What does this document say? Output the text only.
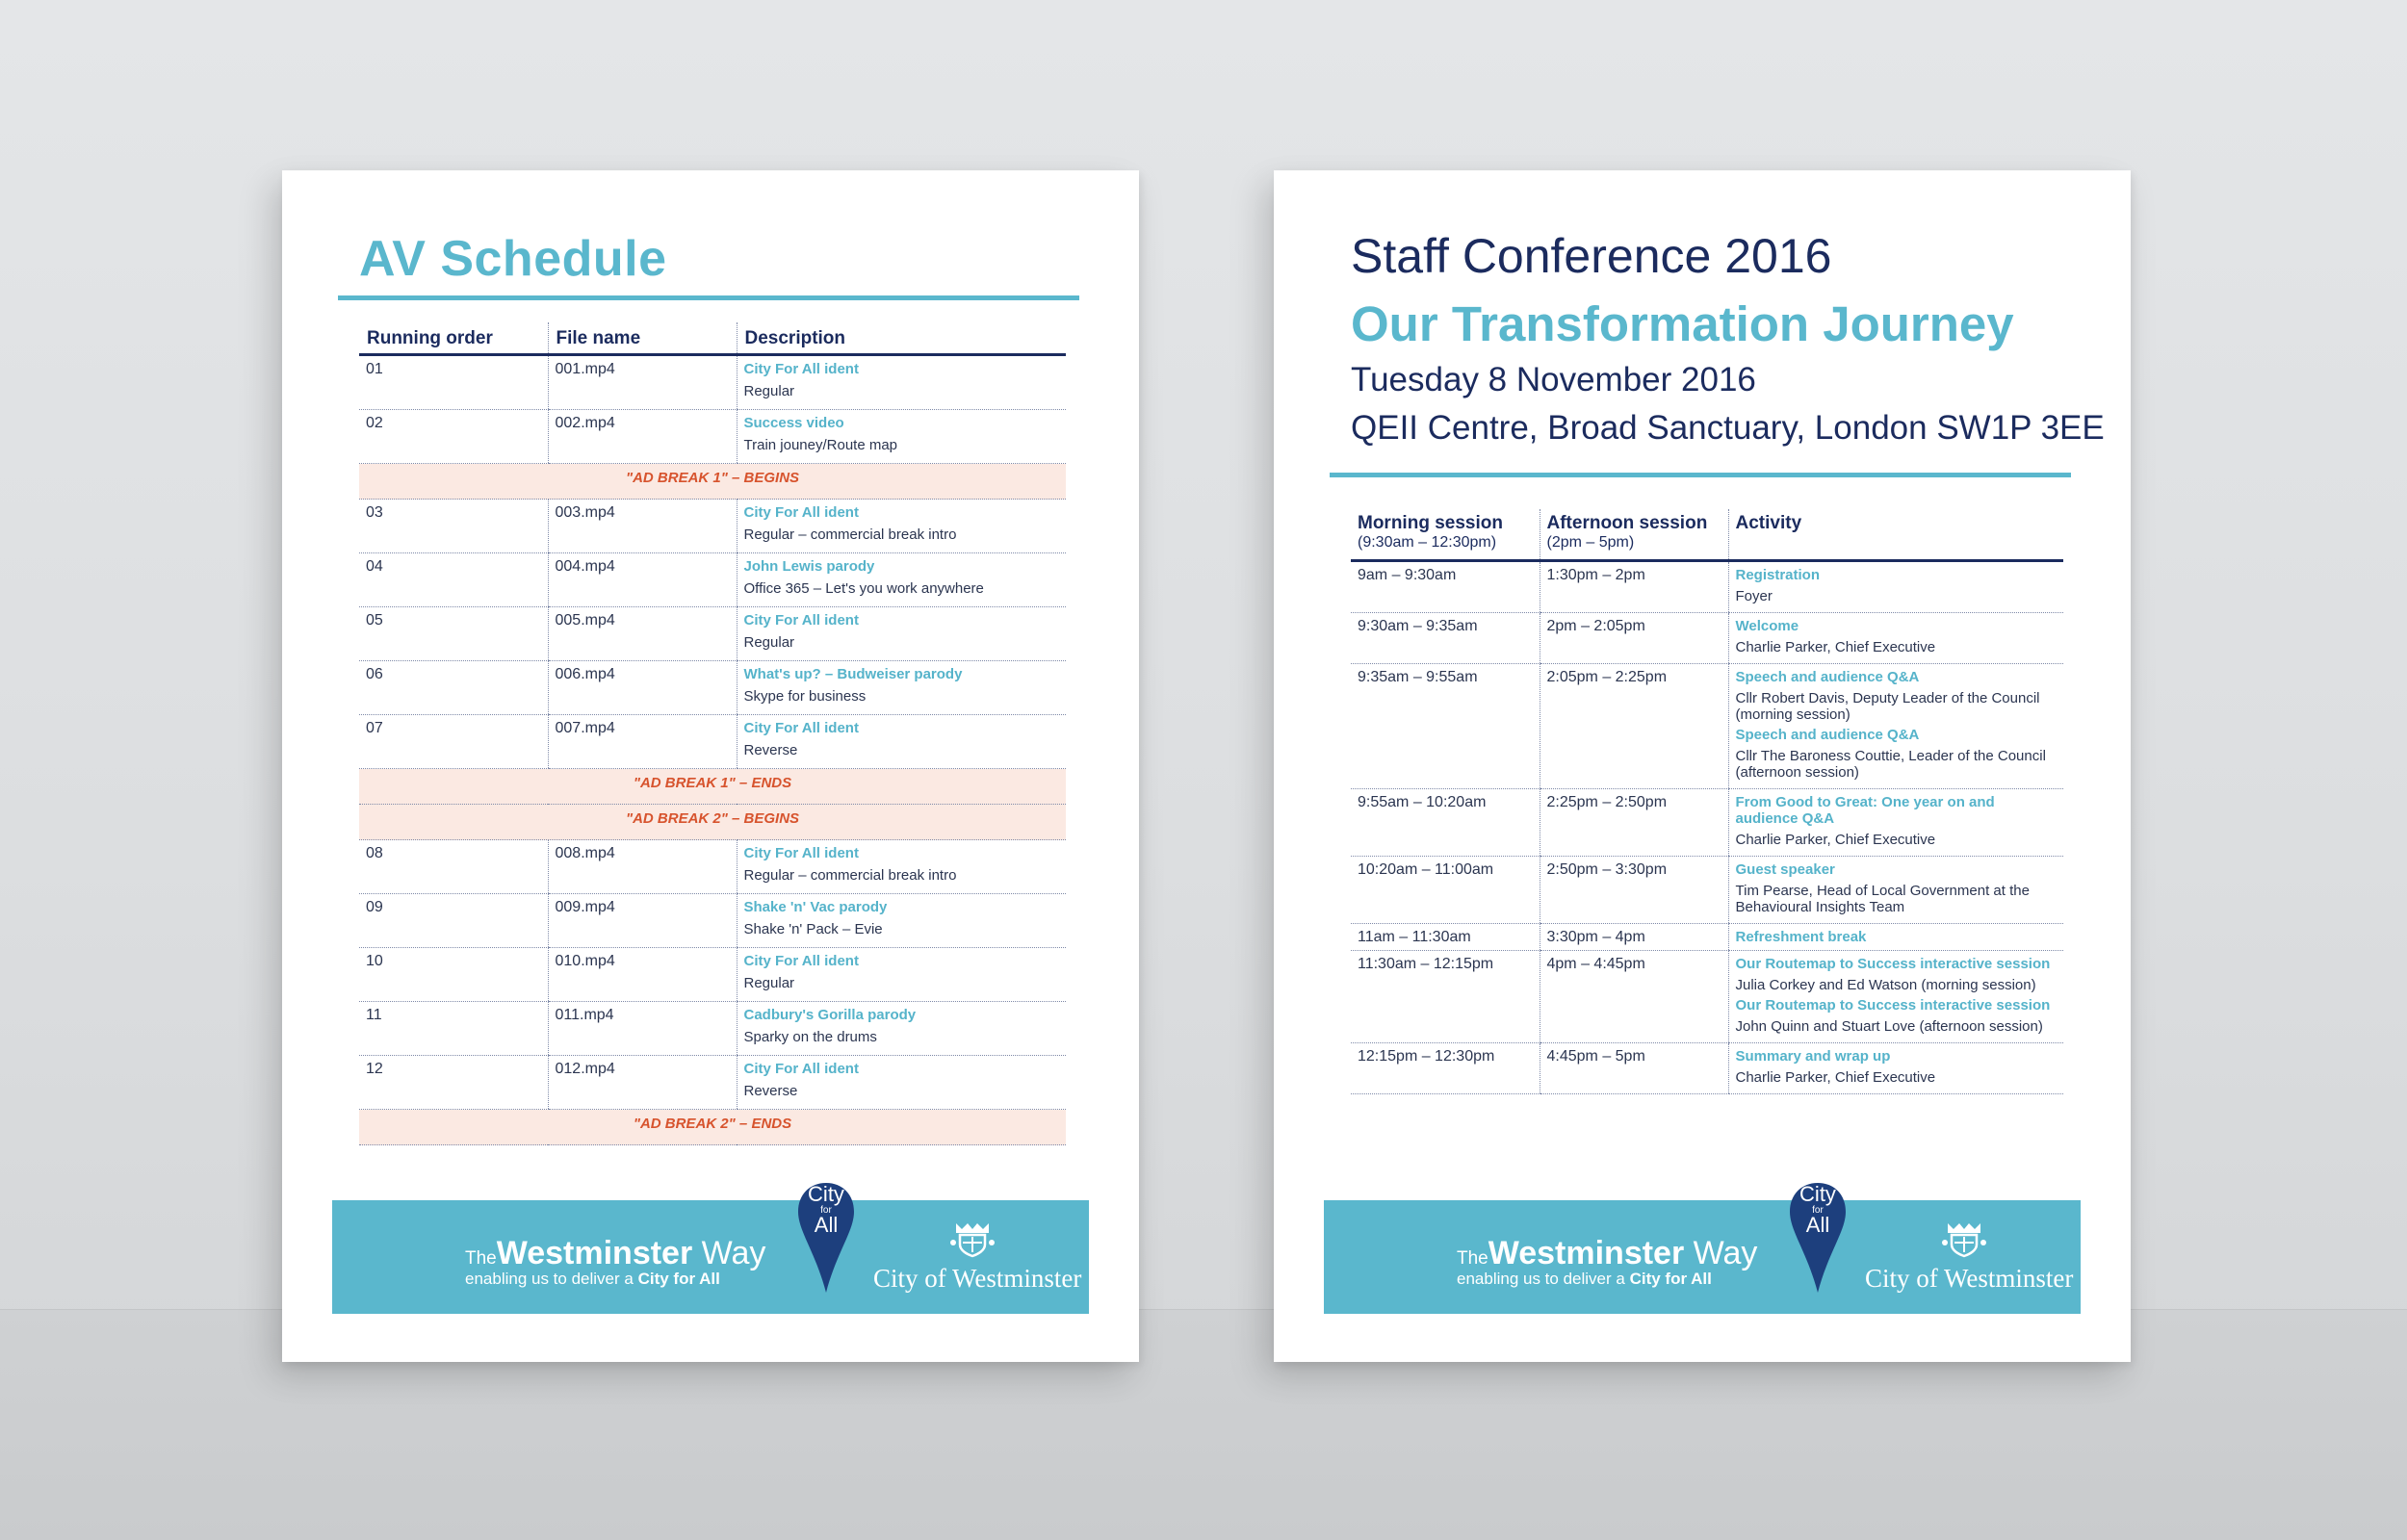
AV Schedule
Running order	File name	Description
01	001.mp4	City For All ident
Regular

02	002.mp4	Success video
Train jouney/Route map

"AD BREAK 1" – BEGINS		
03	003.mp4	City For All ident
Regular – commercial break intro

04	004.mp4	John Lewis parody
Office 365 – Let's you work anywhere

05	005.mp4	City For All ident
Regular

06	006.mp4	What's up? – Budweiser parody
Skype for business

07	007.mp4	City For All ident
Reverse

"AD BREAK 1" – ENDS		
"AD BREAK 2" – BEGINS		
08	008.mp4	City For All ident
Regular – commercial break intro

09	009.mp4	Shake 'n' Vac parody
Shake 'n' Pack – Evie

10	010.mp4	City For All ident
Regular

11	011.mp4	Cadbury's Gorilla parody
Sparky on the drums

12	012.mp4	City For All ident
Reverse

"AD BREAK 2" – ENDS		
TheWestminster Way
enabling us to deliver a City for All
City
for
All
City of Westminster
Staff Conference 2016
Our Transformation Journey
Tuesday 8 November 2016
QEII Centre, Broad Sanctuary, London SW1P 3EE
Morning session
(9:30am – 12:30pm)	Afternoon session
(2pm – 5pm)	Activity
9am – 9:30am	1:30pm – 2pm	Registration
Foyer

9:30am – 9:35am	2pm – 2:05pm	Welcome
Charlie Parker, Chief Executive

9:35am – 9:55am	2:05pm – 2:25pm	Speech and audience Q&A
Cllr Robert Davis, Deputy Leader of the Council (morning session)
Speech and audience Q&A
Cllr The Baroness Couttie, Leader of the Council (afternoon session)

9:55am – 10:20am	2:25pm – 2:50pm	From Good to Great: One year on and audience Q&A
Charlie Parker, Chief Executive

10:20am – 11:00am	2:50pm – 3:30pm	Guest speaker
Tim Pearse, Head of Local Government at the Behavioural Insights Team

11am – 11:30am	3:30pm – 4pm	Refreshment break

11:30am – 12:15pm	4pm – 4:45pm	Our Routemap to Success interactive session
Julia Corkey and Ed Watson (morning session)
Our Routemap to Success interactive session
John Quinn and Stuart Love (afternoon session)

12:15pm – 12:30pm	4:45pm – 5pm	Summary and wrap up
Charlie Parker, Chief Executive
TheWestminster Way
enabling us to deliver a City for All
City
for
All
City of Westminster
